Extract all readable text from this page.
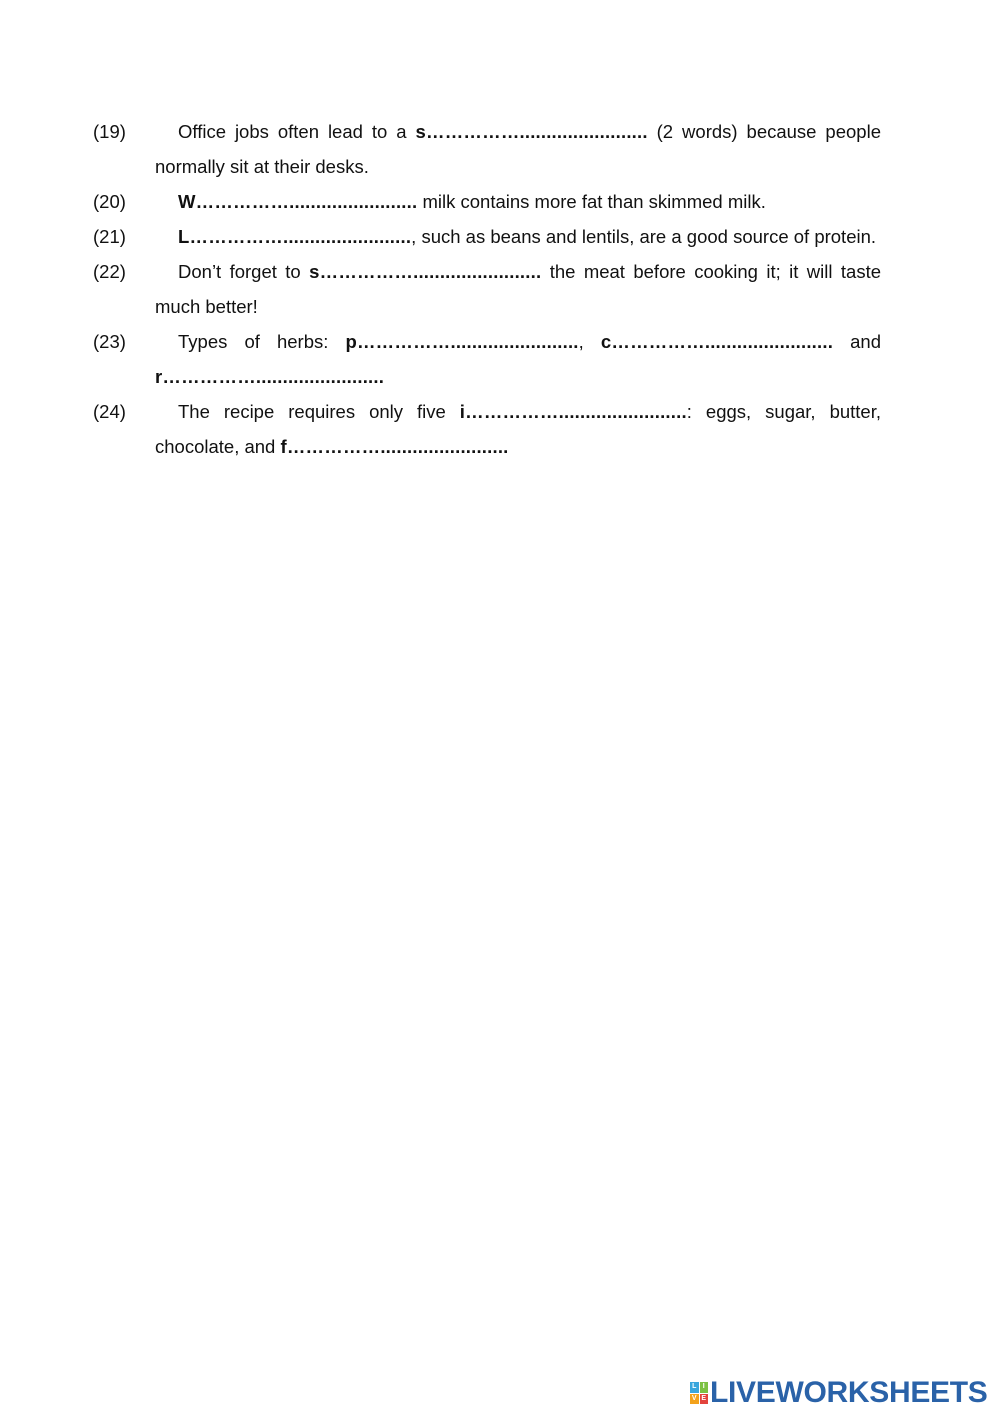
(19)	Office jobs often lead to a s……………........................ (2 words) because people normally sit at their desks.

(20)	W……………........................ milk contains more fat than skimmed milk.

(21)	L……………........................, such as beans and lentils, are a good source of protein.

(22)	Don’t forget to s……………........................ the meat before cooking it; it will taste much better!

(23)	Types of herbs: p……………........................, c……………........................ and r……………........................

(24)	The recipe requires only five i……………........................: eggs, sugar, butter, chocolate, and f……………........................

L I
V E LIVEWORKSHEETS
